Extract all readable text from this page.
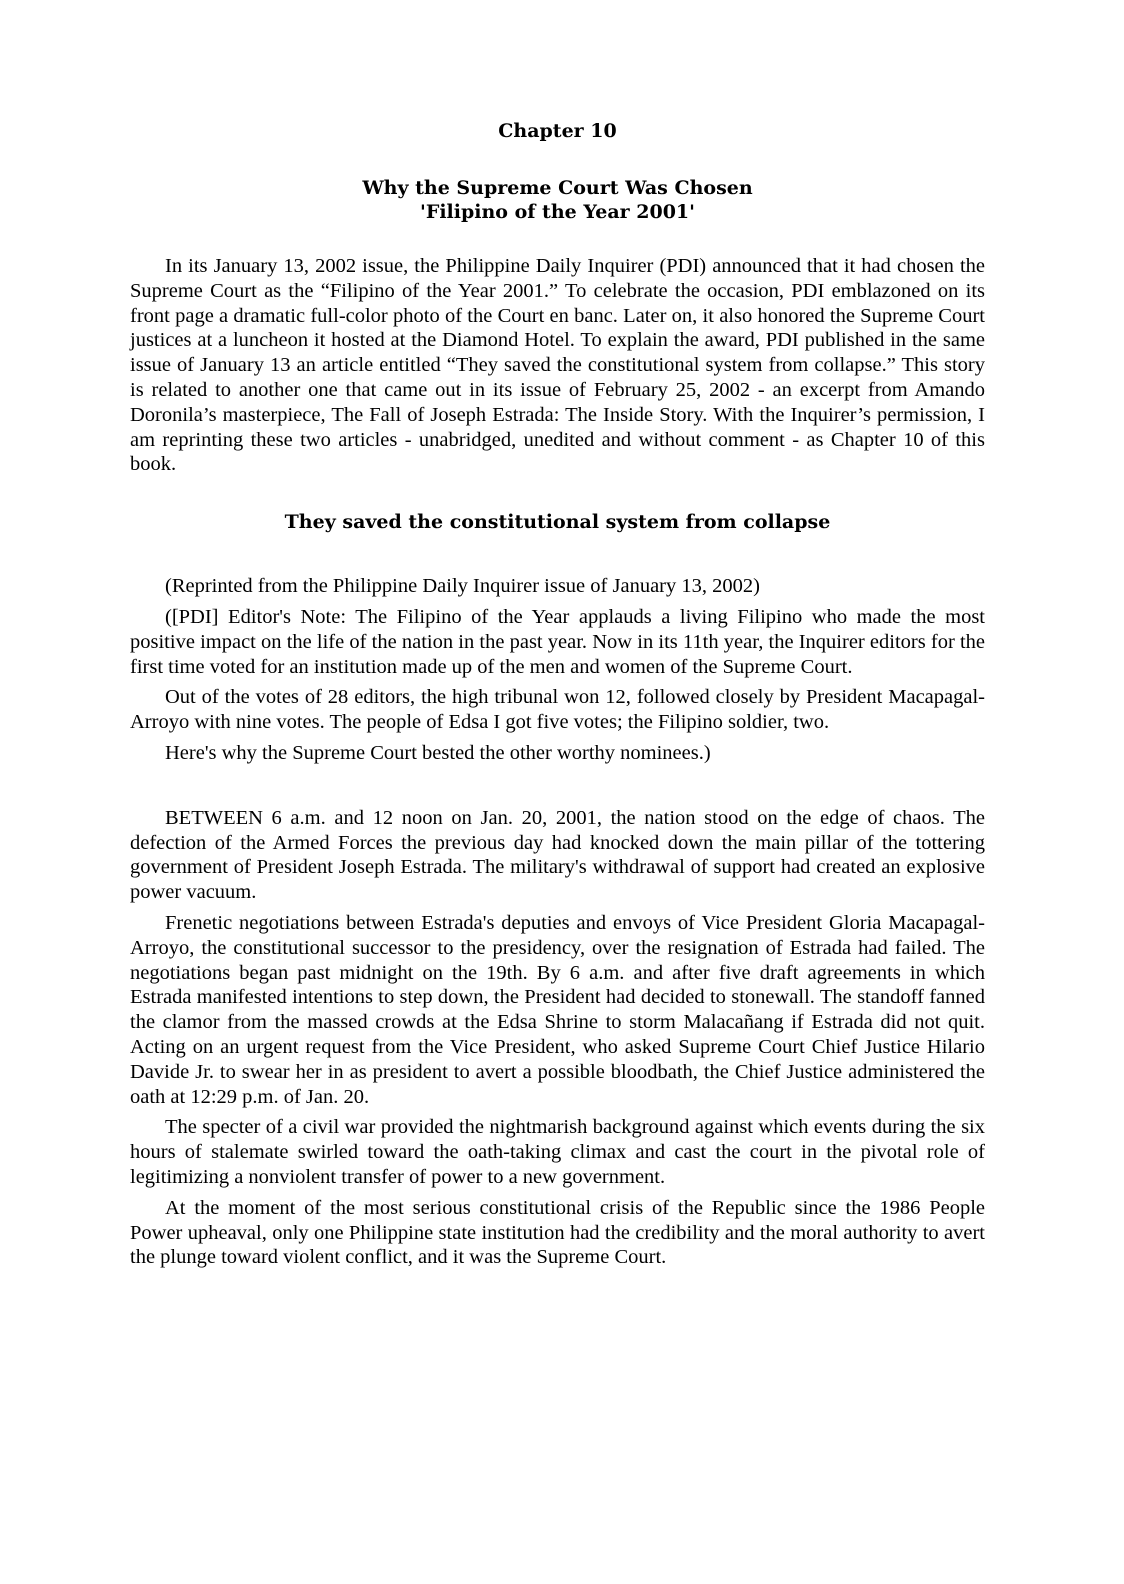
Chapter 10
Why the Supreme Court Was Chosen
'Filipino of the Year 2001'

In its January 13, 2002 issue, the Philippine Daily Inquirer (PDI) announced that it had chosen the Supreme Court as the “Filipino of the Year 2001.” To celebrate the occasion, PDI emblazoned on its front page a dramatic full-color photo of the Court en banc. Later on, it also honored the Supreme Court justices at a luncheon it hosted at the Diamond Hotel. To explain the award, PDI published in the same issue of January 13 an article entitled “They saved the constitutional system from collapse.” This story is related to another one that came out in its issue of February 25, 2002 - an excerpt from Amando Doronila’s masterpiece, The Fall of Joseph Estrada: The Inside Story. With the Inquirer’s permission, I am reprinting these two articles - unabridged, unedited and without comment - as Chapter 10 of this book.

They saved the constitutional system from collapse

(Reprinted from the Philippine Daily Inquirer issue of January 13, 2002)

([PDI] Editor's Note: The Filipino of the Year applauds a living Filipino who made the most positive impact on the life of the nation in the past year. Now in its 11th year, the Inquirer editors for the first time voted for an institution made up of the men and women of the Supreme Court.

Out of the votes of 28 editors, the high tribunal won 12, followed closely by President Macapagal-Arroyo with nine votes. The people of Edsa I got five votes; the Filipino soldier, two.

Here's why the Supreme Court bested the other worthy nominees.)

BETWEEN 6 a.m. and 12 noon on Jan. 20, 2001, the nation stood on the edge of chaos. The defection of the Armed Forces the previous day had knocked down the main pillar of the tottering government of President Joseph Estrada. The military's withdrawal of support had created an explosive power vacuum.

Frenetic negotiations between Estrada's deputies and envoys of Vice President Gloria Macapagal-Arroyo, the constitutional successor to the presidency, over the resignation of Estrada had failed. The negotiations began past midnight on the 19th. By 6 a.m. and after five draft agreements in which Estrada manifested intentions to step down, the President had decided to stonewall. The standoff fanned the clamor from the massed crowds at the Edsa Shrine to storm Malacañang if Estrada did not quit. Acting on an urgent request from the Vice President, who asked Supreme Court Chief Justice Hilario Davide Jr. to swear her in as president to avert a possible bloodbath, the Chief Justice administered the oath at 12:29 p.m. of Jan. 20.

The specter of a civil war provided the nightmarish background against which events during the six hours of stalemate swirled toward the oath-taking climax and cast the court in the pivotal role of legitimizing a nonviolent transfer of power to a new government.

At the moment of the most serious constitutional crisis of the Republic since the 1986 People Power upheaval, only one Philippine state institution had the credibility and the moral authority to avert the plunge toward violent conflict, and it was the Supreme Court.
